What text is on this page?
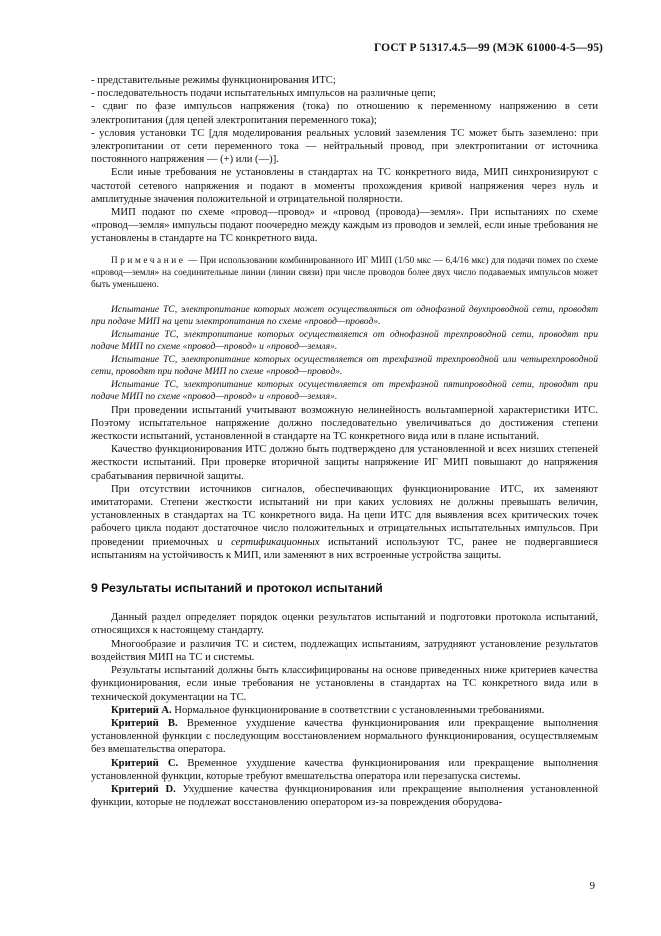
ГОСТ Р 51317.4.5—99 (МЭК 61000-4-5—95)

- представительные режимы функционирования ИТС;

- последовательность подачи испытательных импульсов на различные цепи;

- сдвиг по фазе импульсов напряжения (тока) по отношению к переменному напряжению в сети электропитания (для цепей электропитания переменного тока);

- условия установки ТС [для моделирования реальных условий заземления ТС может быть заземлено: при электропитании от сети переменного тока — нейтральный провод, при электропитании от источника постоянного напряжения — (+) или (—)].

Если иные требования не установлены в стандартах на ТС конкретного вида, МИП синхронизируют с частотой сетевого напряжения и подают в моменты прохождения кривой напряжения через нуль и амплитудные значения положительной и отрицательной полярности.

МИП подают по схеме «провод—провод» и «провод (провода)—земля». При испытаниях по схеме «провод—земля» импульсы подают поочередно между каждым из проводов и землей, если иные требования не установлены в стандарте на ТС конкретного вида.

Примечание — При использовании комбинированного ИГ МИП (1/50 мкс — 6,4/16 мкс) для подачи помех по схеме «провод—земля» на соединительные линии (линии связи) при числе проводов более двух число подаваемых импульсов может быть уменьшено.

Испытание ТС, электропитание которых может осуществляться от однофазной двухпроводной сети, проводят при подаче МИП на цепи электропитания по схеме «провод—провод».

Испытание ТС, электропитание которых осуществляется от однофазной трехпроводной сети, проводят при подаче МИП по схеме «провод—провод» и «провод—земля».

Испытание ТС, электропитание которых осуществляется от трехфазной трехпроводной или четырехпроводной сети, проводят при подаче МИП по схеме «провод—провод».

Испытание ТС, электропитание которых осуществляется от трехфазной пятипроводной сети, проводят при подаче МИП по схеме «провод—провод» и «провод—земля».

При проведении испытаний учитывают возможную нелинейность вольтамперной характеристики ИТС. Поэтому испытательное напряжение должно последовательно увеличиваться до достижения степени жесткости испытаний, установленной в стандарте на ТС конкретного вида или в плане испытаний.

Качество функционирования ИТС должно быть подтверждено для установленной и всех низших степеней жесткости испытаний. При проверке вторичной защиты напряжение ИГ МИП повышают до напряжения срабатывания первичной защиты.

При отсутствии источников сигналов, обеспечивающих функционирование ИТС, их заменяют имитаторами. Степени жесткости испытаний ни при каких условиях не должны превышать величин, установленных в стандартах на ТС конкретного вида. На цепи ИТС для выявления всех критических точек рабочего цикла подают достаточное число положительных и отрицательных испытательных импульсов. При проведении приемочных и сертификационных испытаний используют ТС, ранее не подвергавшиеся испытаниям на устойчивость к МИП, или заменяют в них встроенные устройства защиты.

9 Результаты испытаний и протокол испытаний

Данный раздел определяет порядок оценки результатов испытаний и подготовки протокола испытаний, относящихся к настоящему стандарту.

Многообразие и различия ТС и систем, подлежащих испытаниям, затрудняют установление результатов воздействия МИП на ТС и системы.

Результаты испытаний должны быть классифицированы на основе приведенных ниже критериев качества функционирования, если иные требования не установлены в стандартах на ТС конкретного вида или в технической документации на ТС.

Критерий А. Нормальное функционирование в соответствии с установленными требованиями.

Критерий В. Временное ухудшение качества функционирования или прекращение выполнения установленной функции с последующим восстановлением нормального функционирования, осуществляемым без вмешательства оператора.

Критерий С. Временное ухудшение качества функционирования или прекращение выполнения установленной функции, которые требуют вмешательства оператора или перезапуска системы.

Критерий D. Ухудшение качества функционирования или прекращение выполнения установленной функции, которые не подлежат восстановлению оператором из-за повреждения оборудова-

9
